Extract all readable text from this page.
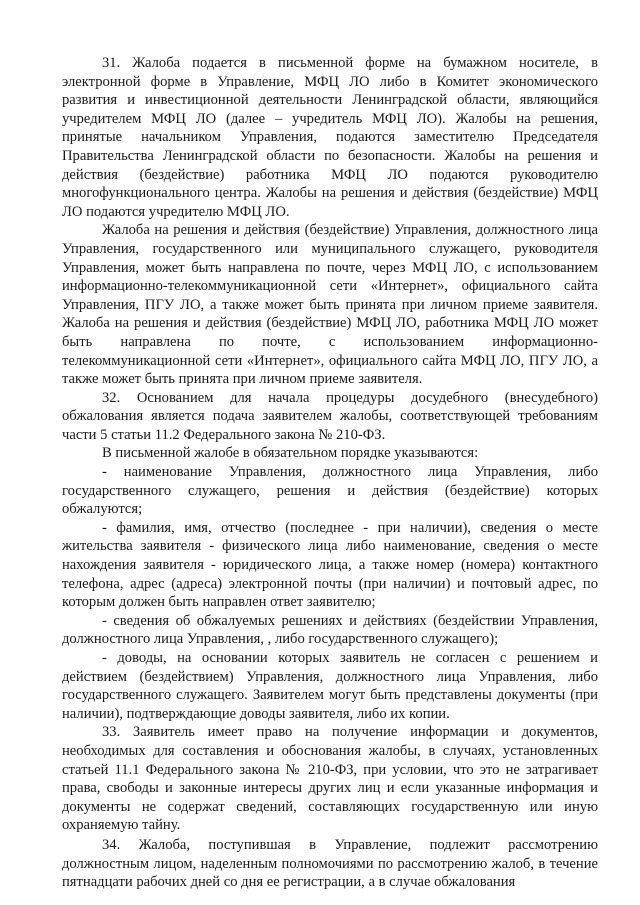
31. Жалоба подается в письменной форме на бумажном носителе, в электронной форме в Управление, МФЦ ЛО либо в Комитет экономического развития и инвестиционной деятельности Ленинградской области, являющийся учредителем МФЦ ЛО (далее – учредитель МФЦ ЛО). Жалобы на решения, принятые начальником Управления, подаются заместителю Председателя Правительства Ленинградской области по безопасности. Жалобы на решения и действия (бездействие) работника МФЦ ЛО подаются руководителю многофункционального центра. Жалобы на решения и действия (бездействие) МФЦ ЛО подаются учредителю МФЦ ЛО.

Жалоба на решения и действия (бездействие) Управления, должностного лица Управления, государственного или муниципального служащего, руководителя Управления, может быть направлена по почте, через МФЦ ЛО, с использованием информационно-телекоммуникационной сети «Интернет», официального сайта Управления, ПГУ ЛО, а также может быть принята при личном приеме заявителя. Жалоба на решения и действия (бездействие) МФЦ ЛО, работника МФЦ ЛО может быть направлена по почте, с использованием информационно-телекоммуникационной сети «Интернет», официального сайта МФЦ ЛО, ПГУ ЛО, а также может быть принята при личном приеме заявителя.

32. Основанием для начала процедуры досудебного (внесудебного) обжалования является подача заявителем жалобы, соответствующей требованиям части 5 статьи 11.2 Федерального закона № 210-ФЗ.

В письменной жалобе в обязательном порядке указываются:

- наименование Управления, должностного лица Управления, либо государственного служащего, решения и действия (бездействие) которых обжалуются;

- фамилия, имя, отчество (последнее - при наличии), сведения о месте жительства заявителя - физического лица либо наименование, сведения о месте нахождения заявителя - юридического лица, а также номер (номера) контактного телефона, адрес (адреса) электронной почты (при наличии) и почтовый адрес, по которым должен быть направлен ответ заявителю;

- сведения об обжалуемых решениях и действиях (бездействии Управления, должностного лица Управления, , либо государственного служащего);

- доводы, на основании которых заявитель не согласен с решением и действием (бездействием) Управления, должностного лица Управления, либо государственного служащего. Заявителем могут быть представлены документы (при наличии), подтверждающие доводы заявителя, либо их копии.

33. Заявитель имеет право на получение информации и документов, необходимых для составления и обоснования жалобы, в случаях, установленных статьей 11.1 Федерального закона № 210-ФЗ, при условии, что это не затрагивает права, свободы и законные интересы других лиц и если указанные информация и документы не содержат сведений, составляющих государственную или иную охраняемую тайну.

34. Жалоба, поступившая в Управление, подлежит рассмотрению должностным лицом, наделенным полномочиями по рассмотрению жалоб, в течение пятнадцати рабочих дней со дня ее регистрации, а в случае обжалования
